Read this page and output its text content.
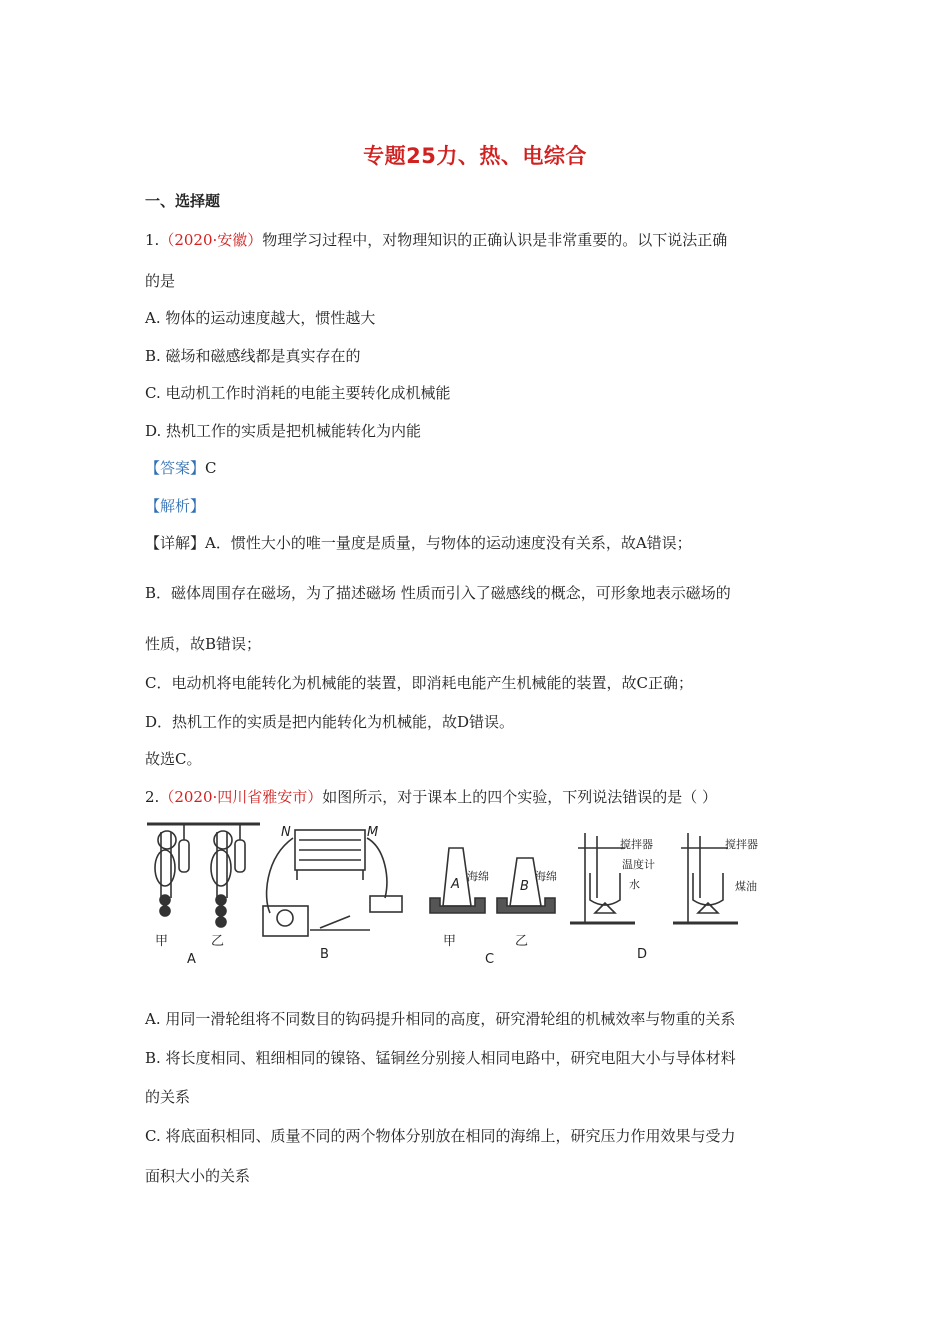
专题25力、热、电综合
一、选择题
1.（2020·安徽）物理学习过程中，对物理知识的正确认识是非常重要的。以下说法正确
的是
A. 物体的运动速度越大，惯性越大
B. 磁场和磁感线都是真实存在的
C. 电动机工作时消耗的电能主要转化成机械能
D. 热机工作的实质是把机械能转化为内能
【答案】C
【解析】
【详解】A．惯性大小的唯一量度是质量，与物体的运动速度没有关系，故A错误；
B．磁体周围存在磁场，为了描述磁场 性质而引入了磁感线的概念，可形象地表示磁场的
性质，故B错误；
C．电动机将电能转化为机械能的装置，即消耗电能产生机械能的装置，故C正确；
D．热机工作的实质是把内能转化为机械能，故D错误。
故选C。
2.（2020·四川省雅安市）如图所示，对于课本上的四个实验，下列说法错误的是（ ）
甲	乙
A
N	M
B
A
海绵
B
海绵
甲	乙
C
搅拌器
温度计
水
搅拌器
煤油
D
A. 用同一滑轮组将不同数目的钩码提升相同的高度，研究滑轮组的机械效率与物重的关系
B. 将长度相同、粗细相同的镍铬、锰铜丝分别接人相同电路中，研究电阻大小与导体材料
的关系
C. 将底面积相同、质量不同的两个物体分别放在相同的海绵上，研究压力作用效果与受力
面积大小的关系
